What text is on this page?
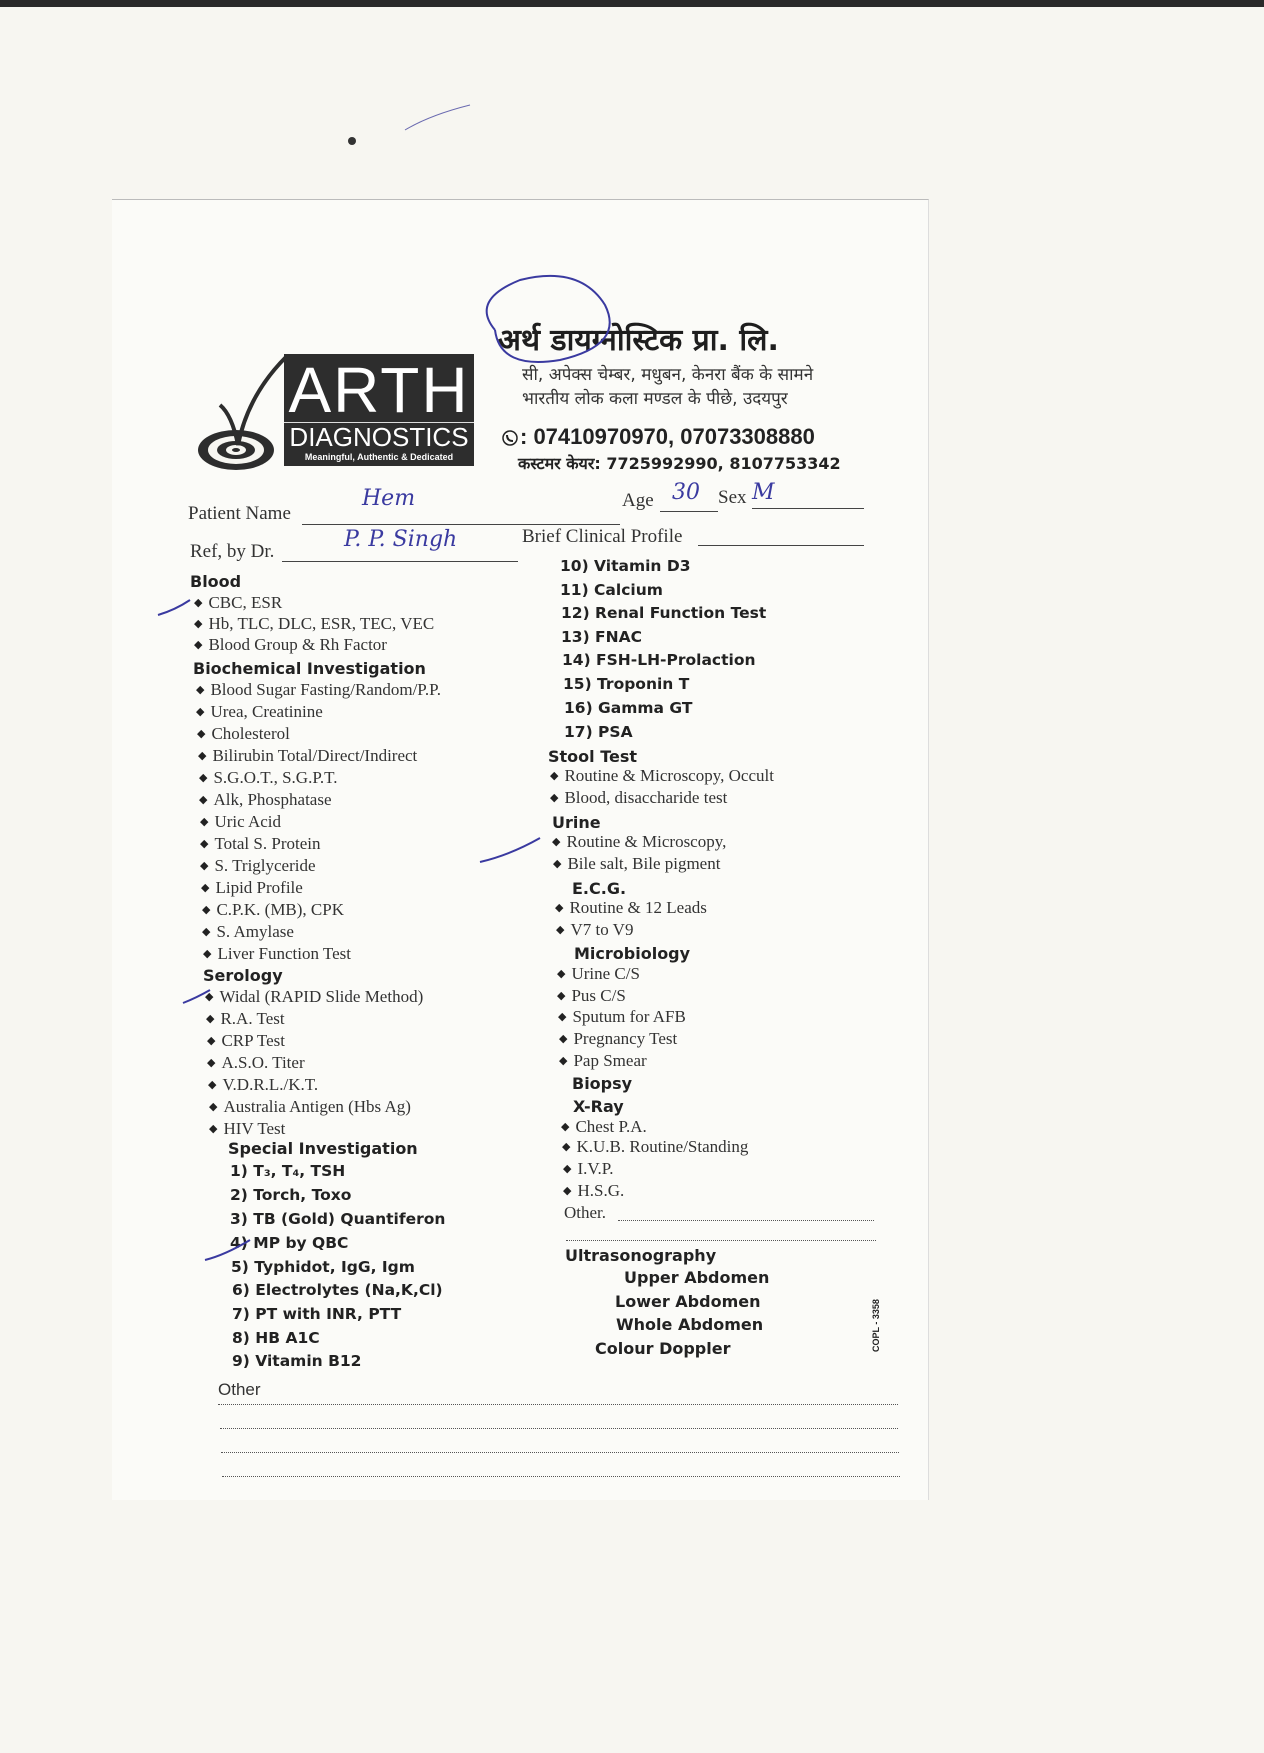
ARTH
DIAGNOSTICS
Meaningful, Authentic & Dedicated
अर्थ डायग्नोस्टिक प्रा. लि.
सी, अपेक्स चेम्बर, मधुबन, केनरा बैंक के सामने
भारतीय लोक कला मण्डल के पीछे, उदयपुर
: 07410970970, 07073308880
कस्टमर केयर: 7725992990, 8107753342
Patient Name
Hem	Age 30 Sex M
Ref, by Dr.	P. P. Singh	Brief Clinical Profile
Blood
◆ CBC, ESR
◆ Hb, TLC, DLC, ESR, TEC, VEC
◆ Blood Group & Rh Factor
Biochemical Investigation
◆ Blood Sugar Fasting/Random/P.P.
◆ Urea, Creatinine
◆ Cholesterol
◆ Bilirubin Total/Direct/Indirect
◆ S.G.O.T., S.G.P.T.
◆ Alk, Phosphatase
◆ Uric Acid
◆ Total S. Protein
◆ S. Triglyceride
◆ Lipid Profile
◆ C.P.K. (MB), CPK
◆ S. Amylase
◆ Liver Function Test
Serology
◆ Widal (RAPID Slide Method)
◆ R.A. Test
◆ CRP Test
◆ A.S.O. Titer
◆ V.D.R.L./K.T.
◆ Australia Antigen (Hbs Ag)
◆ HIV Test
Special Investigation
1) T₃, T₄, TSH
2) Torch, Toxo
3) TB (Gold) Quantiferon
4) MP by QBC
5) Typhidot, IgG, Igm
6) Electrolytes (Na,K,Cl)
7) PT with INR, PTT
8) HB A1C
9) Vitamin B12
Other
10) Vitamin D3
11) Calcium
12) Renal Function Test
13) FNAC
14) FSH-LH-Prolaction
15) Troponin T
16) Gamma GT
17) PSA
Stool Test
◆ Routine & Microscopy, Occult
◆ Blood, disaccharide test
Urine
◆ Routine & Microscopy,
◆ Bile salt, Bile pigment
E.C.G.
◆ Routine & 12 Leads
◆ V7 to V9
Microbiology
◆ Urine C/S
◆ Pus C/S
◆ Sputum for AFB
◆ Pregnancy Test
◆ Pap Smear
Biopsy
X-Ray
◆ Chest P.A.
◆ K.U.B. Routine/Standing
◆ I.V.P.
◆ H.S.G.
Other.
Ultrasonography
Upper Abdomen
Lower Abdomen
Whole Abdomen
Colour Doppler	COPL - 3358
